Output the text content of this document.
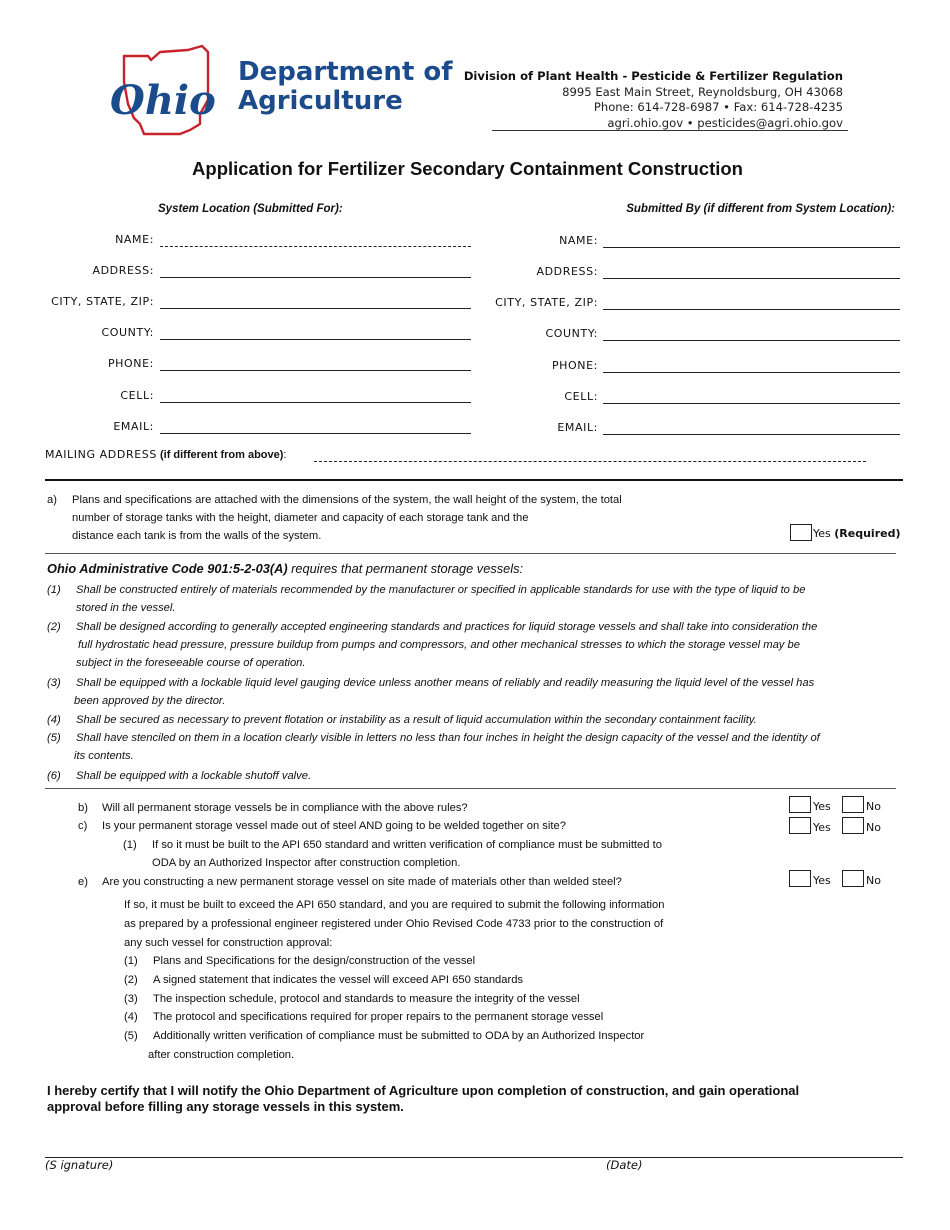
Ohio
Department of
Agriculture
Division of Plant Health - Pesticide & Fertilizer Regulation
8995 East Main Street, Reynoldsburg, OH 43068
Phone: 614-728-6987 • Fax: 614-728-4235
agri.ohio.gov • pesticides@agri.ohio.gov
Application for Fertilizer Secondary Containment Construction
System Location (Submitted For):	Submitted By (if different from System Location):
NAME:
ADDRESS:
CITY, STATE, ZIP:
COUNTY:
PHONE:
CELL:
EMAIL:
NAME:
ADDRESS:
CITY, STATE, ZIP:
COUNTY:
PHONE:
CELL:
EMAIL:
MAILING ADDRESS (if different from above):
a) Plans and specifications are attached with the dimensions of the system, the wall height of the system, the total
number of storage tanks with the height, diameter and capacity of each storage tank and the
distance each tank is from the walls of the system.	Yes (Required)
Ohio Administrative Code 901:5-2-03(A) requires that permanent storage vessels:
(1) Shall be constructed entirely of materials recommended by the manufacturer or specified in applicable standards for use with the type of liquid to be
stored in the vessel.
(2) Shall be designed according to generally accepted engineering standards and practices for liquid storage vessels and shall take into consideration the
full hydrostatic head pressure, pressure buildup from pumps and compressors, and other mechanical stresses to which the storage vessel may be
subject in the foreseeable course of operation.
(3) Shall be equipped with a lockable liquid level gauging device unless another means of reliably and readily measuring the liquid level of the vessel has
been approved by the director.
(4) Shall be secured as necessary to prevent flotation or instability as a result of liquid accumulation within the secondary containment facility.
(5) Shall have stenciled on them in a location clearly visible in letters no less than four inches in height the design capacity of the vessel and the identity of
its contents.
(6) Shall be equipped with a lockable shutoff valve.
b) Will all permanent storage vessels be in compliance with the above rules?	Yes	No
c) Is your permanent storage vessel made out of steel AND going to be welded together on site?	Yes	No
(1) If so it must be built to the API 650 standard and written verification of compliance must be submitted to
ODA by an Authorized Inspector after construction completion.
e) Are you constructing a new permanent storage vessel on site made of materials other than welded steel?	Yes	No
If so, it must be built to exceed the API 650 standard, and you are required to submit the following information
as prepared by a professional engineer registered under Ohio Revised Code 4733 prior to the construction of
any such vessel for construction approval:
(1) Plans and Specifications for the design/construction of the vessel
(2) A signed statement that indicates the vessel will exceed API 650 standards
(3) The inspection schedule, protocol and standards to measure the integrity of the vessel
(4) The protocol and specifications required for proper repairs to the permanent storage vessel
(5) Additionally written verification of compliance must be submitted to ODA by an Authorized Inspector
after construction completion.
I hereby certify that I will notify the Ohio Department of Agriculture upon completion of construction, and gain operational
approval before filling any storage vessels in this system.
(S ignature)	(Date)
